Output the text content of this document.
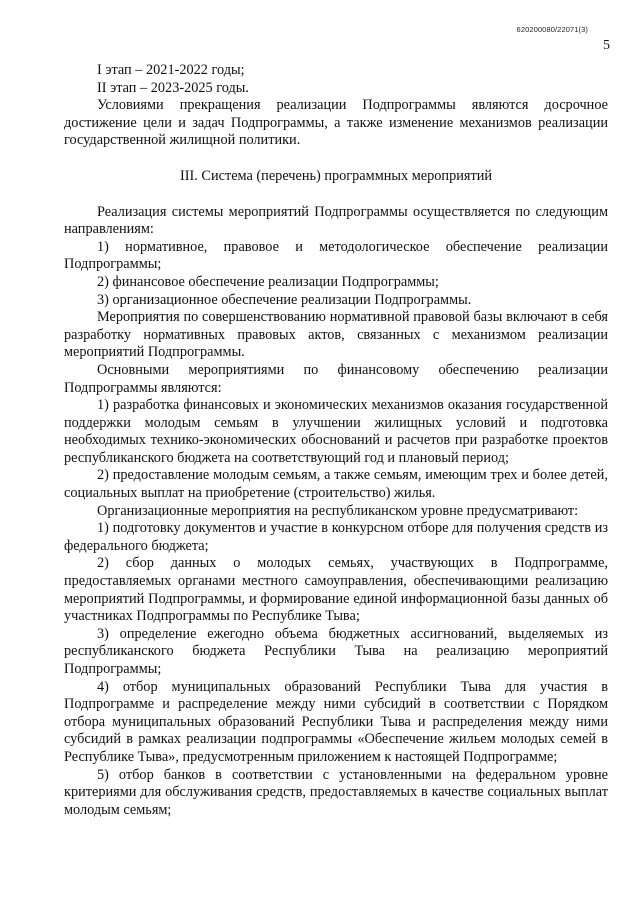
620200080/22071(3)
5

I этап – 2021-2022 годы;

II этап – 2023-2025 годы.

Условиями прекращения реализации Подпрограммы являются досрочное достижение цели и задач Подпрограммы, а также изменение механизмов реализации государственной жилищной политики.

III. Система (перечень) программных мероприятий

Реализация системы мероприятий Подпрограммы осуществляется по следующим направлениям:

1) нормативное, правовое и методологическое обеспечение реализации Подпрограммы;

2) финансовое обеспечение реализации Подпрограммы;

3) организационное обеспечение реализации Подпрограммы.

Мероприятия по совершенствованию нормативной правовой базы включают в себя разработку нормативных правовых актов, связанных с механизмом реализации мероприятий Подпрограммы.

Основными мероприятиями по финансовому обеспечению реализации Подпрограммы являются:

1) разработка финансовых и экономических механизмов оказания государственной поддержки молодым семьям в улучшении жилищных условий и подготовка необходимых технико-экономических обоснований и расчетов при разработке проектов республиканского бюджета на соответствующий год и плановый период;

2) предоставление молодым семьям, а также семьям, имеющим трех и более детей, социальных выплат на приобретение (строительство) жилья.

Организационные мероприятия на республиканском уровне предусматривают:

1) подготовку документов и участие в конкурсном отборе для получения средств из федерального бюджета;

2) сбор данных о молодых семьях, участвующих в Подпрограмме, предоставляемых органами местного самоуправления, обеспечивающими реализацию мероприятий Подпрограммы, и формирование единой информационной базы данных об участниках Подпрограммы по Республике Тыва;

3) определение ежегодно объема бюджетных ассигнований, выделяемых из республиканского бюджета Республики Тыва на реализацию мероприятий Подпрограммы;

4) отбор муниципальных образований Республики Тыва для участия в Подпрограмме и распределение между ними субсидий в соответствии с Порядком отбора муниципальных образований Республики Тыва и распределения между ними субсидий в рамках реализации подпрограммы «Обеспечение жильем молодых семей в Республике Тыва», предусмотренным приложением к настоящей Подпрограмме;

5) отбор банков в соответствии с установленными на федеральном уровне критериями для обслуживания средств, предоставляемых в качестве социальных выплат молодым семьям;
